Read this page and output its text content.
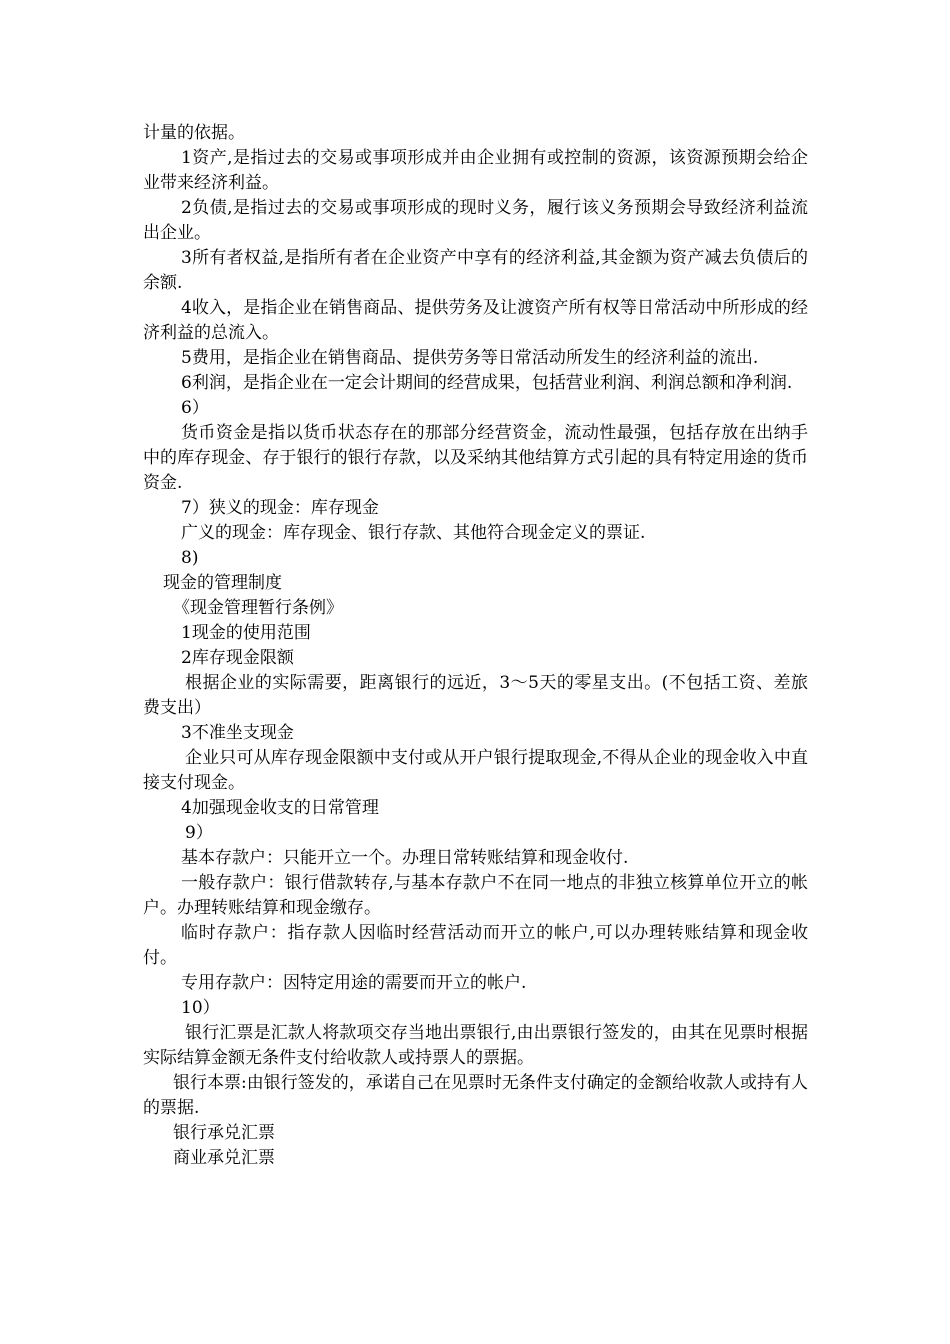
计量的依据。

1资产,是指过去的交易或事项形成并由企业拥有或控制的资源，该资源预期会给企业带来经济利益。

2负债,是指过去的交易或事项形成的现时义务，履行该义务预期会导致经济利益流出企业。

3所有者权益,是指所有者在企业资产中享有的经济利益,其金额为资产减去负债后的余额.

4收入，是指企业在销售商品、提供劳务及让渡资产所有权等日常活动中所形成的经济利益的总流入。

5费用，是指企业在销售商品、提供劳务等日常活动所发生的经济利益的流出.

6利润，是指企业在一定会计期间的经营成果，包括营业利润、利润总额和净利润.

6）

货币资金是指以货币状态存在的那部分经营资金，流动性最强，包括存放在出纳手中的库存现金、存于银行的银行存款，以及采纳其他结算方式引起的具有特定用途的货币资金.

7）狭义的现金：库存现金

广义的现金：库存现金、银行存款、其他符合现金定义的票证.

8)

现金的管理制度

《现金管理暂行条例》

1现金的使用范围

2库存现金限额

根据企业的实际需要，距离银行的远近，3～5天的零星支出。(不包括工资、差旅费支出）

3不准坐支现金

企业只可从库存现金限额中支付或从开户银行提取现金,不得从企业的现金收入中直接支付现金。

4加强现金收支的日常管理

9）

基本存款户：只能开立一个。办理日常转账结算和现金收付.

一般存款户：银行借款转存,与基本存款户不在同一地点的非独立核算单位开立的帐户。办理转账结算和现金缴存。

临时存款户：指存款人因临时经营活动而开立的帐户,可以办理转账结算和现金收付。

专用存款户：因特定用途的需要而开立的帐户.

10）

银行汇票是汇款人将款项交存当地出票银行,由出票银行签发的，由其在见票时根据实际结算金额无条件支付给收款人或持票人的票据。

银行本票:由银行签发的，承诺自己在见票时无条件支付确定的金额给收款人或持有人的票据.

银行承兑汇票

商业承兑汇票
